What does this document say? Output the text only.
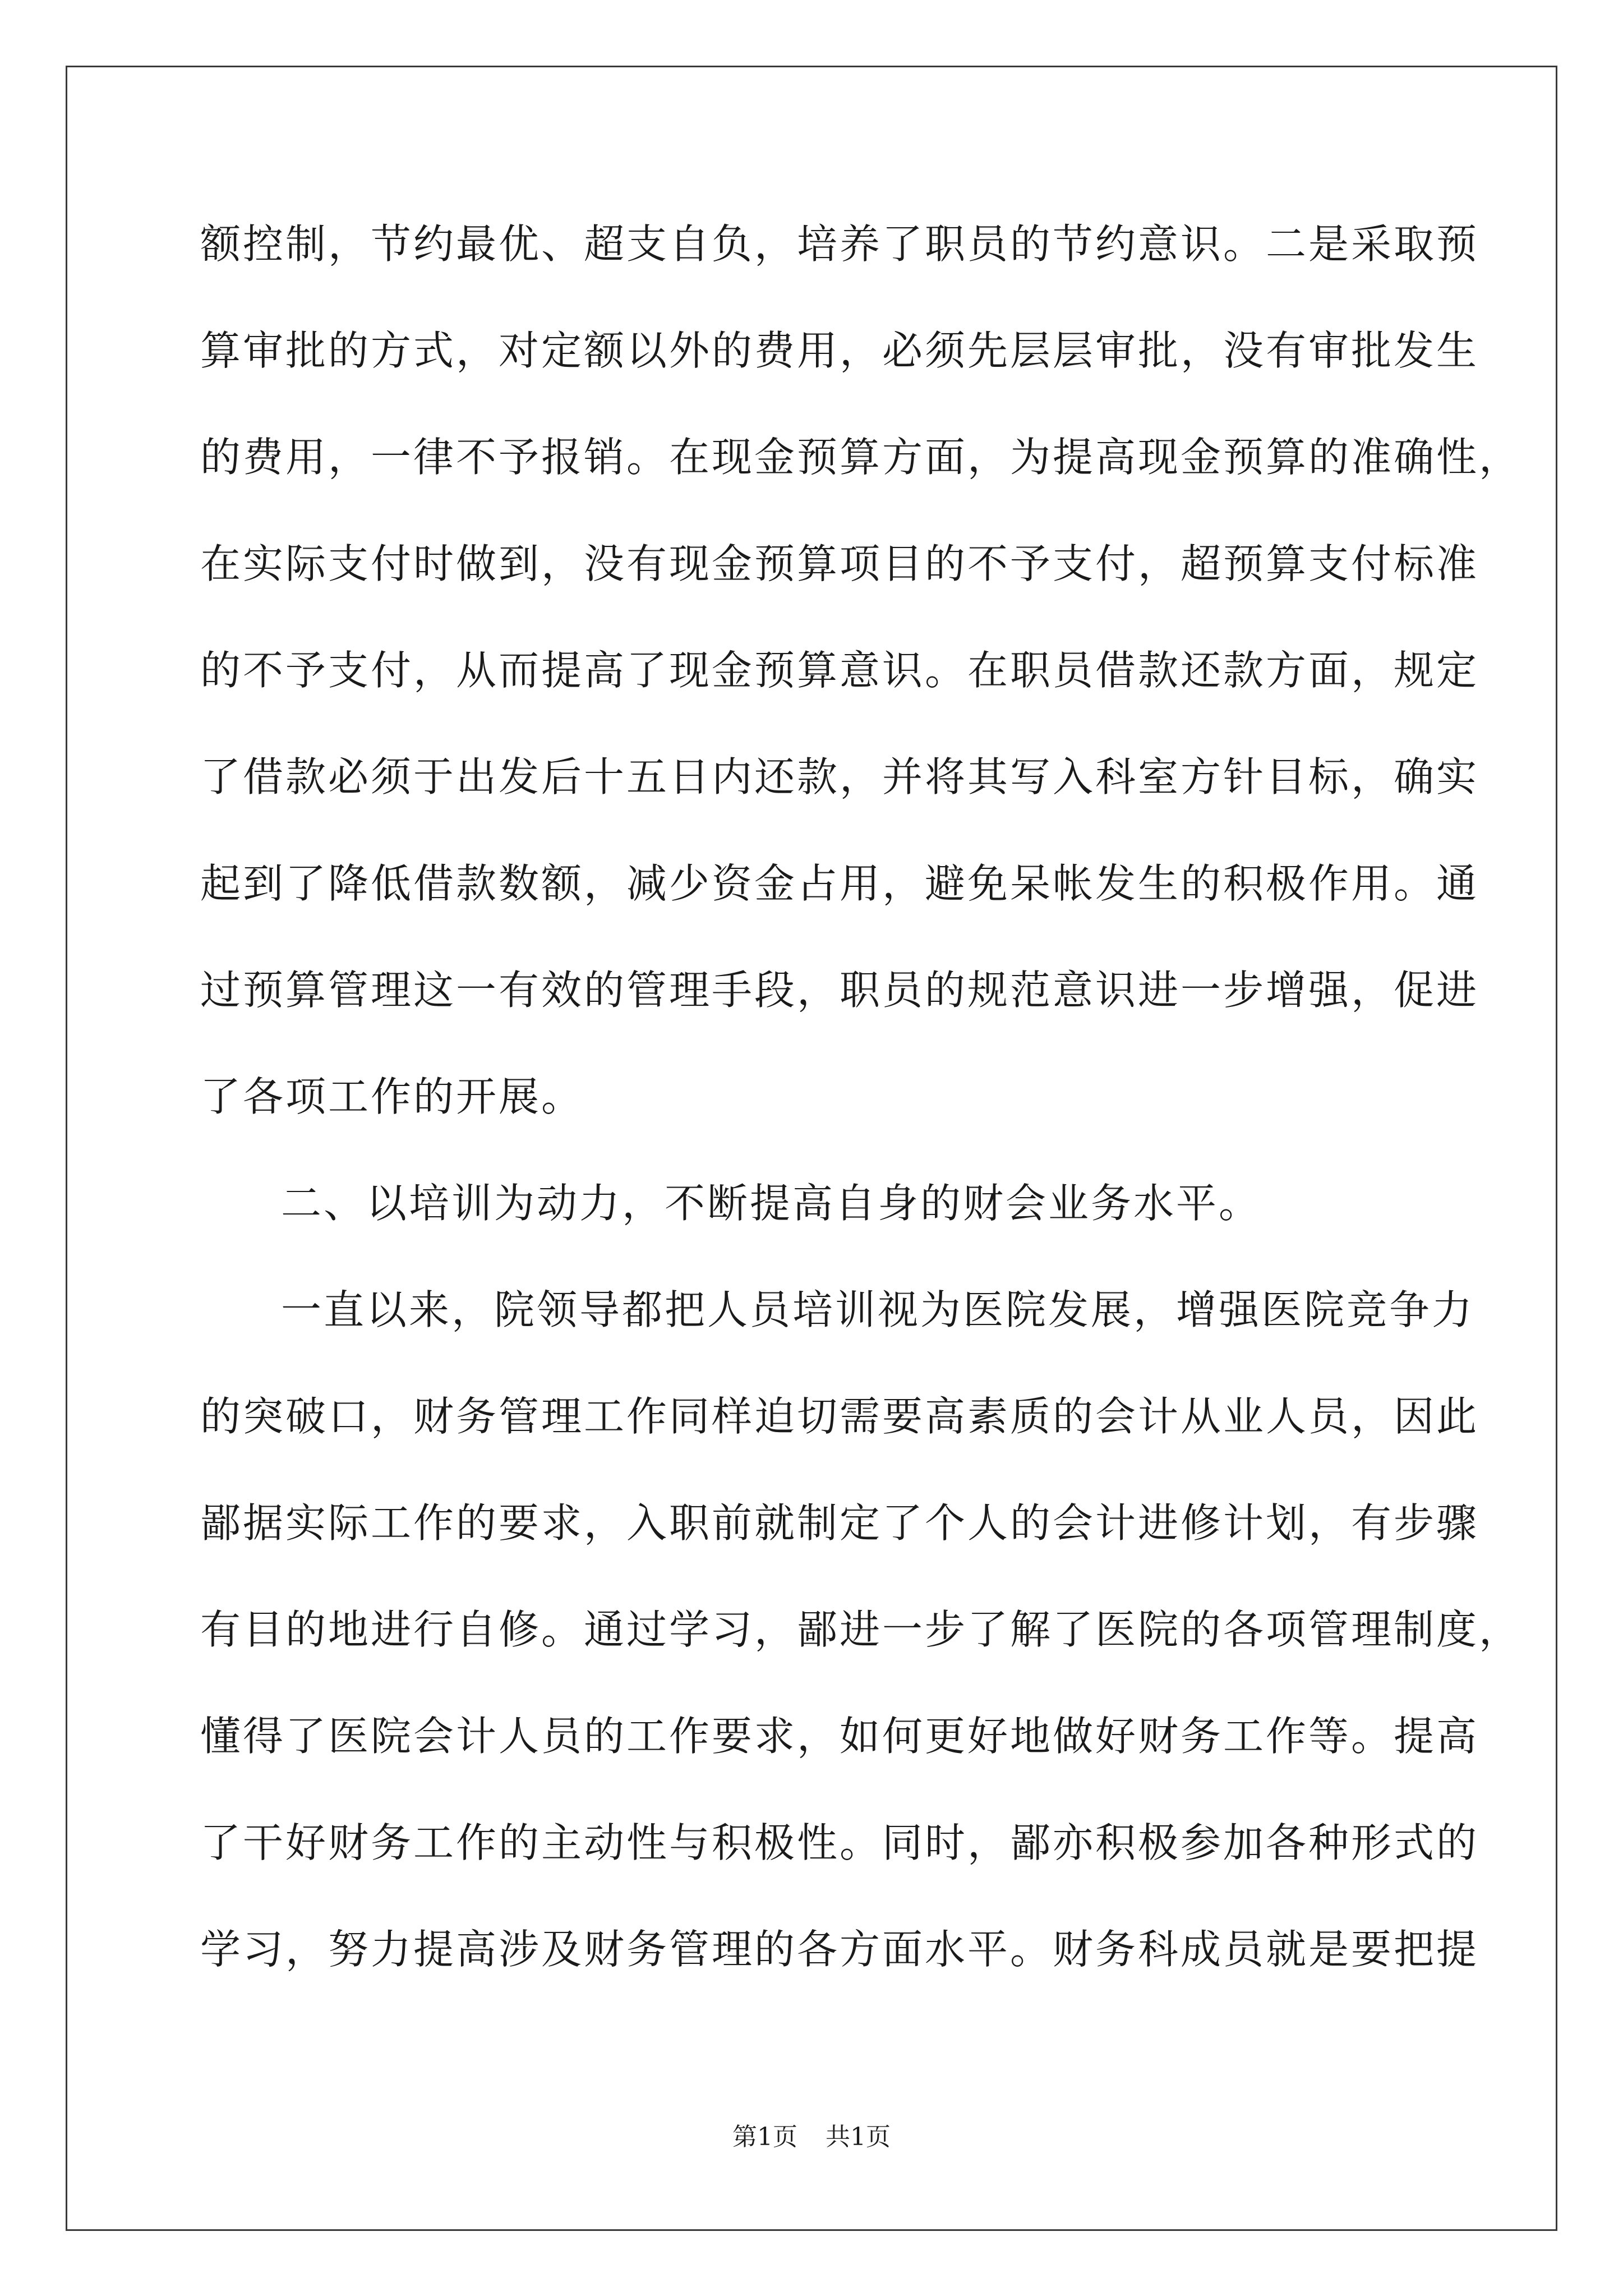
额控制，节约最优、超支自负，培养了职员的节约意识。二是采取预
算审批的方式，对定额以外的费用，必须先层层审批，没有审批发生
的费用，一律不予报销。在现金预算方面，为提高现金预算的准确性，
在实际支付时做到，没有现金预算项目的不予支付，超预算支付标准
的不予支付，从而提高了现金预算意识。在职员借款还款方面，规定
了借款必须于出发后十五日内还款，并将其写入科室方针目标，确实
起到了降低借款数额，减少资金占用，避免呆帐发生的积极作用。通
过预算管理这一有效的管理手段，职员的规范意识进一步增强，促进
了各项工作的开展。
二、以培训为动力，不断提高自身的财会业务水平。
一直以来，院领导都把人员培训视为医院发展，增强医院竞争力
的突破口，财务管理工作同样迫切需要高素质的会计从业人员，因此
鄙据实际工作的要求，入职前就制定了个人的会计进修计划，有步骤
有目的地进行自修。通过学习，鄙进一步了解了医院的各项管理制度，
懂得了医院会计人员的工作要求，如何更好地做好财务工作等。提高
了干好财务工作的主动性与积极性。同时，鄙亦积极参加各种形式的
学习，努力提高涉及财务管理的各方面水平。财务科成员就是要把提
第1页 共1页
